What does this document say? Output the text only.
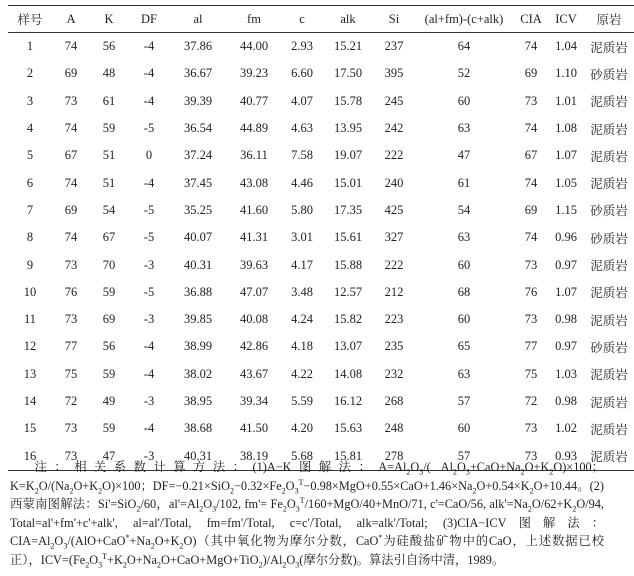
样号	A	K	DF	al	fm	c	alk	Si	(al+fm)-(c+alk)	CIA	ICV	原岩
1	74	56	-4	37.86	44.00	2.93	15.21	237	64	74	1.04	泥质岩
2	69	48	-4	36.67	39.23	6.60	17.50	395	52	69	1.10	砂质岩
3	73	61	-4	39.39	40.77	4.07	15.78	245	60	73	1.01	泥质岩
4	74	59	-5	36.54	44.89	4.63	13.95	242	63	74	1.08	泥质岩
5	67	51	0	37.24	36.11	7.58	19.07	222	47	67	1.07	泥质岩
6	74	51	-4	37.45	43.08	4.46	15.01	240	61	74	1.05	泥质岩
7	69	54	-5	35.25	41.60	5.80	17.35	425	54	69	1.15	砂质岩
8	74	67	-5	40.07	41.31	3.01	15.61	327	63	74	0.96	砂质岩
9	73	70	-3	40.31	39.63	4.17	15.88	222	60	73	0.97	泥质岩
10	76	59	-5	36.88	47.07	3.48	12.57	212	68	76	1.07	泥质岩
11	73	69	-3	39.85	40.08	4.24	15.82	223	60	73	0.98	泥质岩
12	77	56	-4	38.99	42.86	4.18	13.07	235	65	77	0.97	砂质岩
13	75	59	-4	38.02	43.67	4.22	14.08	232	63	75	1.03	泥质岩
14	72	49	-3	38.95	39.34	5.59	16.12	268	57	72	0.98	泥质岩
15	73	59	-4	38.68	41.50	4.20	15.63	248	60	73	1.02	泥质岩
16	73	47	-3	40.31	38.19	5.68	15.81	278	57	73	0.93	泥质岩
注：相关系数计算方法：(1)A−K图解法：$A=Al_2O_3/$( $Al_2O_3+CaO+Na_2O+K_2O)\times 100$；$K=K_2O/(Na_2O+K_2O)\times 100$；$DF=-0.21\times SiO_2-0.32\times Fe_2O_3^T-0.98\times MgO+0.55\times CaO+1.46\times Na_2O+0.54\times K_2O+10.44$。(2)西蒙南图解法：Si'=SiO$_2$/60，$al'=Al_2O_3/102$, $fm'= Fe_2O_3^T/160+MgO/40+MnO/71$, c'=CaO/56, $alk'=Na_2O/62+K_2O/94$, Total=al'+fm'+c'+alk', al=al'/Total, fm=fm'/Total, c=c'/Total, alk=alk'/Total; (3)CIA−ICV图解法：$CIA=Al_2O_3/(AlO+CaO^*+Na_2O+K_2O)$（其中氧化物为摩尔分数，CaO*为硅酸盐矿物中的CaO，上述数据已校正），$ICV=(Fe_2O_3^T+K_2O+Na_2O+CaO+MgO+TiO_2)/Al_2O_3$(摩尔分数)。算法引自汤中清，1989。
